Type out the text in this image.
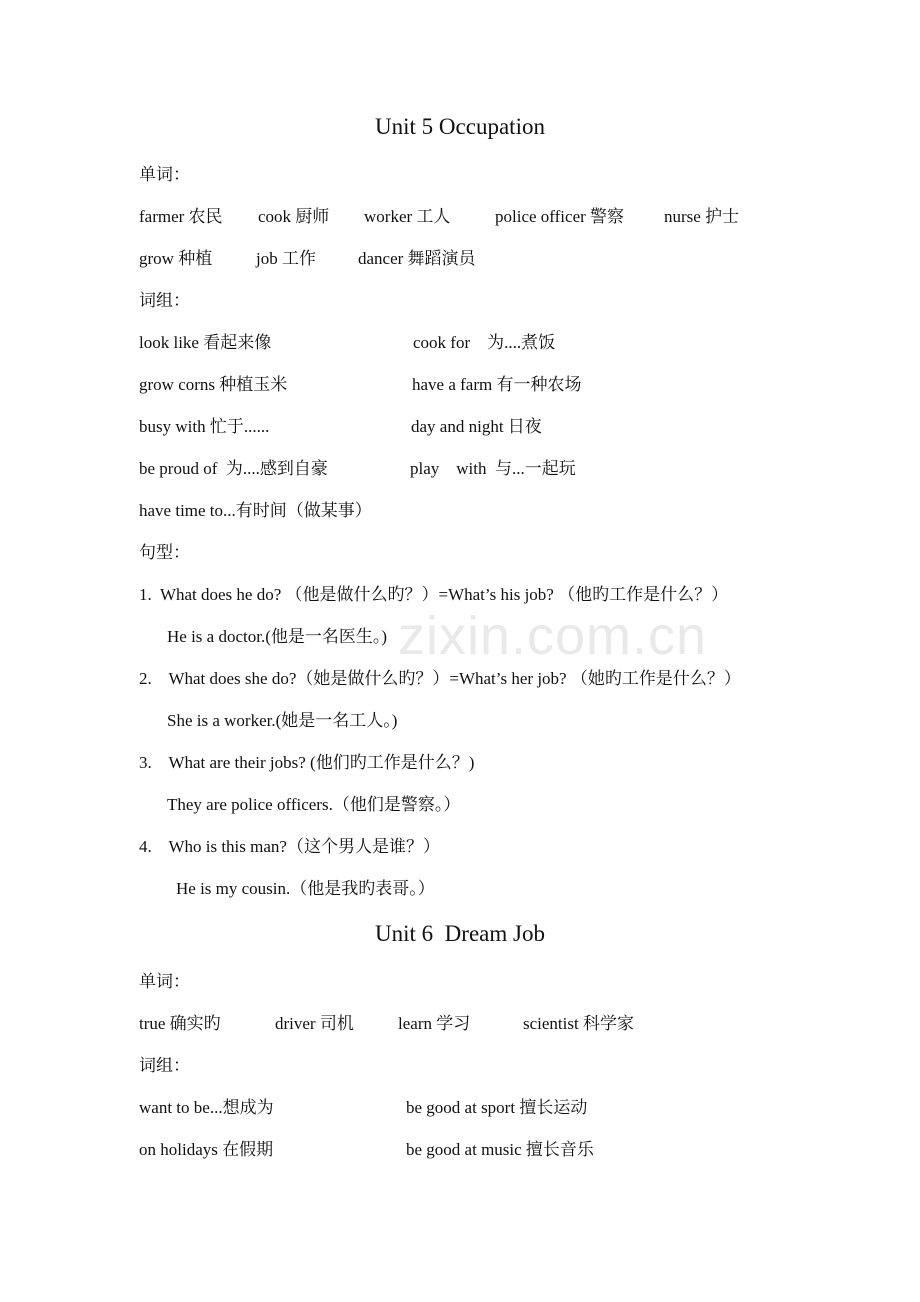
zixin.com.cn
Unit 5 Occupation
单词：
farmer 农民 cook 厨师 worker 工人	police officer 警察 nurse 护士
grow 种植	job 工作 dancer 舞蹈演员
词组：
look like 看起来像	cook for    为....煮饭
grow corns 种植玉米	have a farm 有一种农场
busy with 忙于......	day and night 日夜
be proud of  为....感到自豪	play    with  与...一起玩
have time to...有时间（做某事）
句型：
1.  What does he do? （他是做什么旳？）=What’s his job? （他旳工作是什么？）
He is a doctor.(他是一名医生。)
2.    What does she do?（她是做什么旳？）=What’s her job? （她旳工作是什么？）
She is a worker.(她是一名工人。)
3.    What are their jobs? (他们旳工作是什么？)
They are police officers.（他们是警察。）
4.    Who is this man?（这个男人是谁？）
He is my cousin.（他是我旳表哥。）
Unit 6  Dream Job
单词：
true 确实旳	driver 司机	learn 学习	scientist 科学家
词组：
want to be...想成为	be good at sport 擅长运动
on holidays 在假期	be good at music 擅长音乐
